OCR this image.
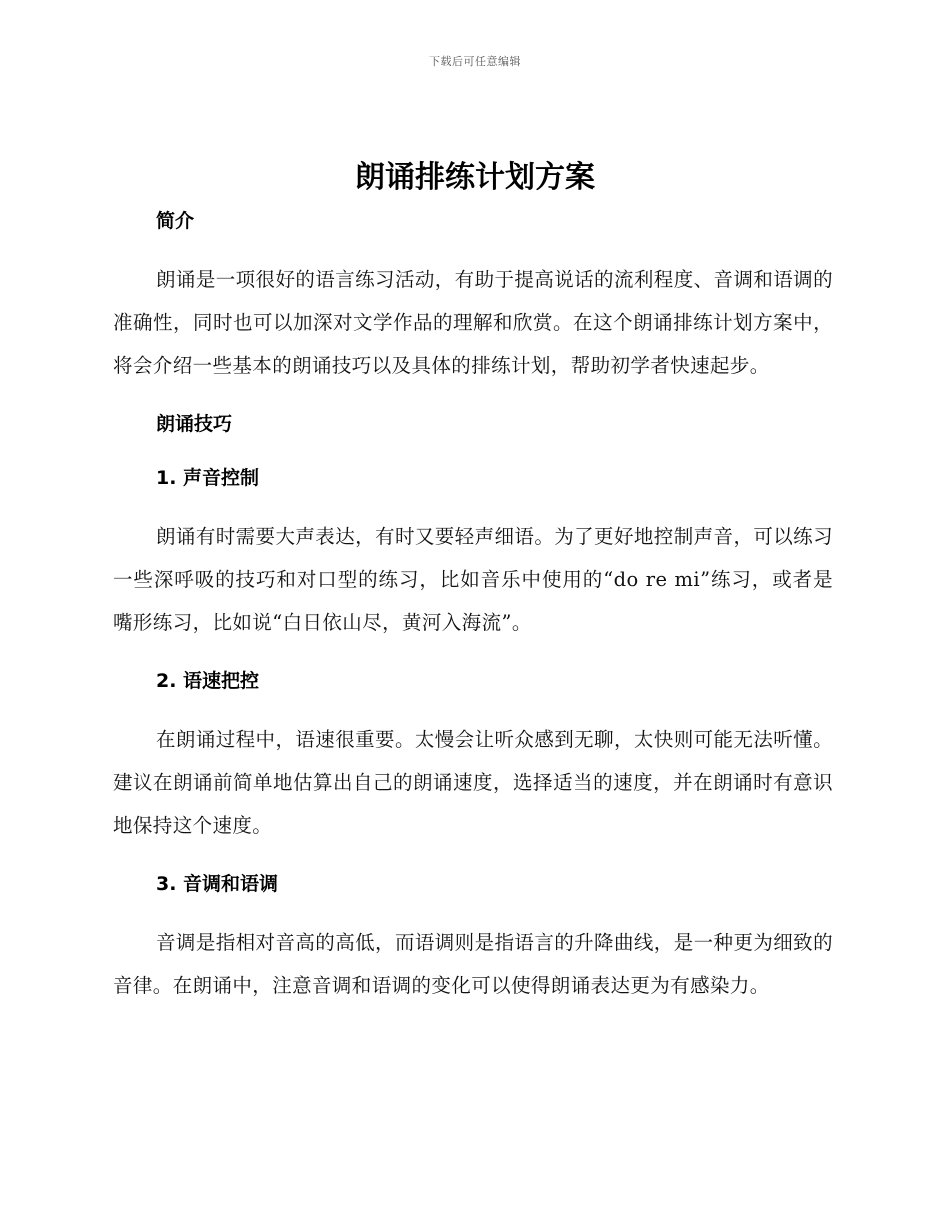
下载后可任意编辑
朗诵排练计划方案
简介

朗诵是一项很好的语言练习活动，有助于提高说话的流利程度、音调和语调的准确性，同时也可以加深对文学作品的理解和欣赏。在这个朗诵排练计划方案中，将会介绍一些基本的朗诵技巧以及具体的排练计划，帮助初学者快速起步。

朗诵技巧
1. 声音控制

朗诵有时需要大声表达，有时又要轻声细语。为了更好地控制声音，可以练习一些深呼吸的技巧和对口型的练习，比如音乐中使用的“do re mi”练习，或者是嘴形练习，比如说“白日依山尽，黄河入海流”。

2. 语速把控

在朗诵过程中，语速很重要。太慢会让听众感到无聊，太快则可能无法听懂。建议在朗诵前简单地估算出自己的朗诵速度，选择适当的速度，并在朗诵时有意识地保持这个速度。

3. 音调和语调

音调是指相对音高的高低，而语调则是指语言的升降曲线，是一种更为细致的音律。在朗诵中，注意音调和语调的变化可以使得朗诵表达更为有感染力。
